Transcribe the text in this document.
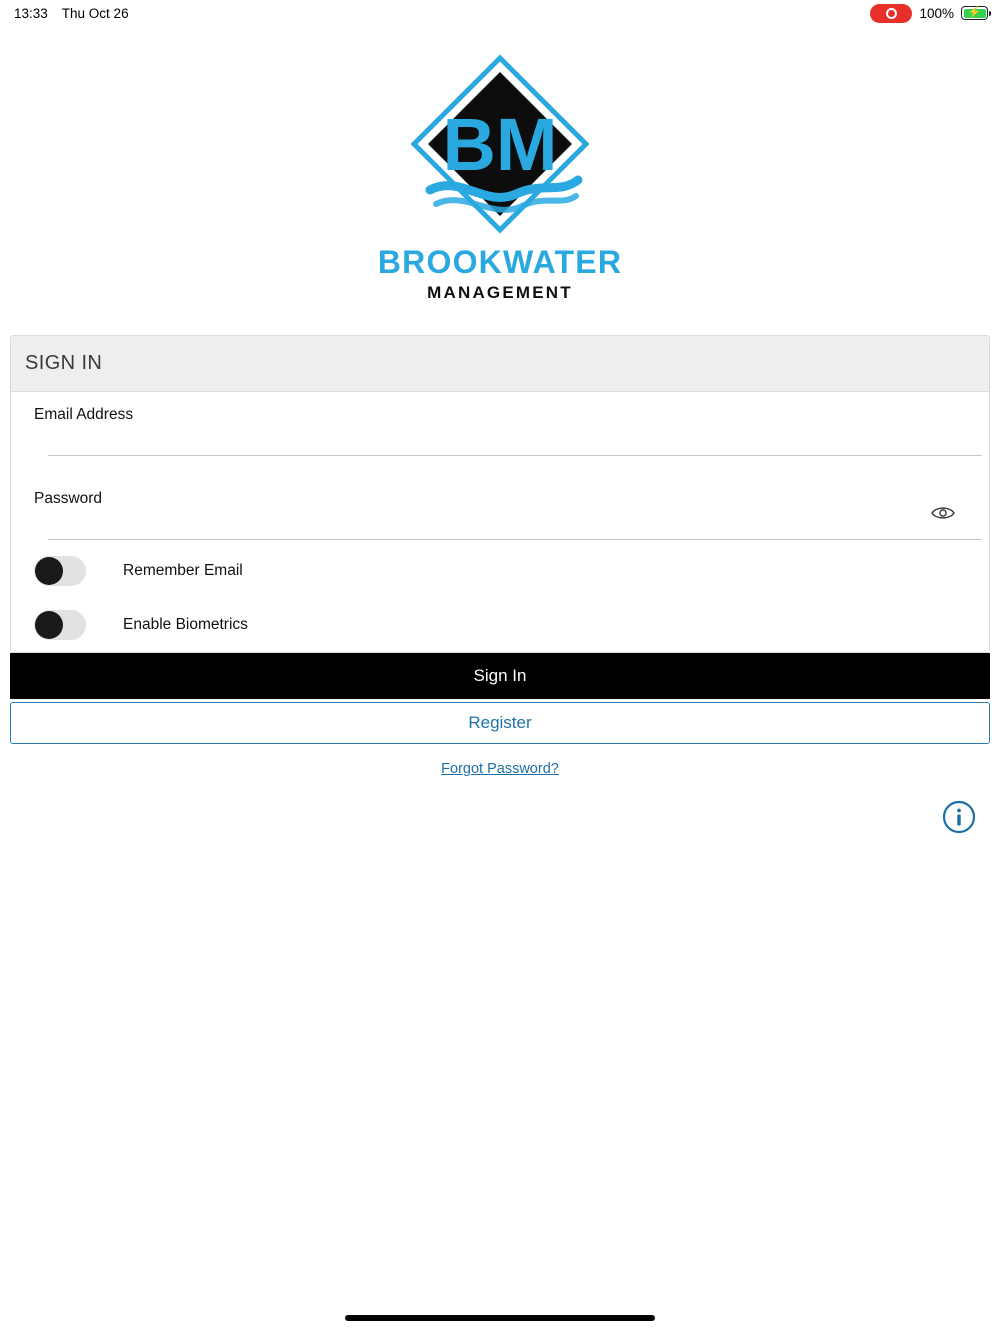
13:33 Thu Oct 26	100% ⚡
BM
BROOKWATER
MANAGEMENT
SIGN IN
Email Address
Password
Remember Email
Enable Biometrics
Sign In
Register
Forgot Password?
